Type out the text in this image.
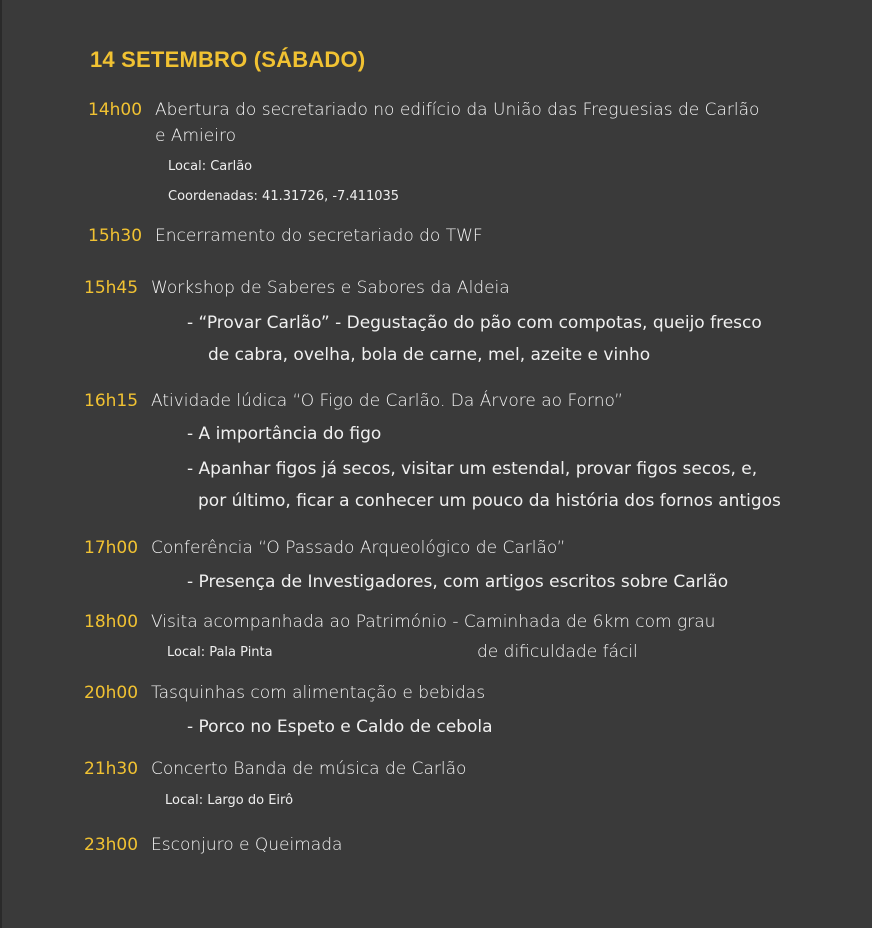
14 SETEMBRO (SÁBADO)
14h00 Abertura do secretariado no edifício da União das Freguesias de Carlão
e Amieiro
Local: Carlão
Coordenadas: 41.31726, -7.411035
15h30 Encerramento do secretariado do TWF
15h45 Workshop de Saberes e Sabores da Aldeia
- “Provar Carlão” - Degustação do pão com compotas, queijo fresco
de cabra, ovelha, bola de carne, mel, azeite e vinho
16h15 Atividade lúdica “O Figo de Carlão. Da Árvore ao Forno”
- A importância do figo
- Apanhar figos já secos, visitar um estendal, provar figos secos, e,
por último, ficar a conhecer um pouco da história dos fornos antigos
17h00 Conferência “O Passado Arqueológico de Carlão”
- Presença de Investigadores, com artigos escritos sobre Carlão
18h00 Visita acompanhada ao Património - Caminhada de 6km com grau
Local: Pala Pinta	de dificuldade fácil
20h00 Tasquinhas com alimentação e bebidas
- Porco no Espeto e Caldo de cebola
21h30 Concerto Banda de música de Carlão
Local: Largo do Eirô
23h00 Esconjuro e Queimada
